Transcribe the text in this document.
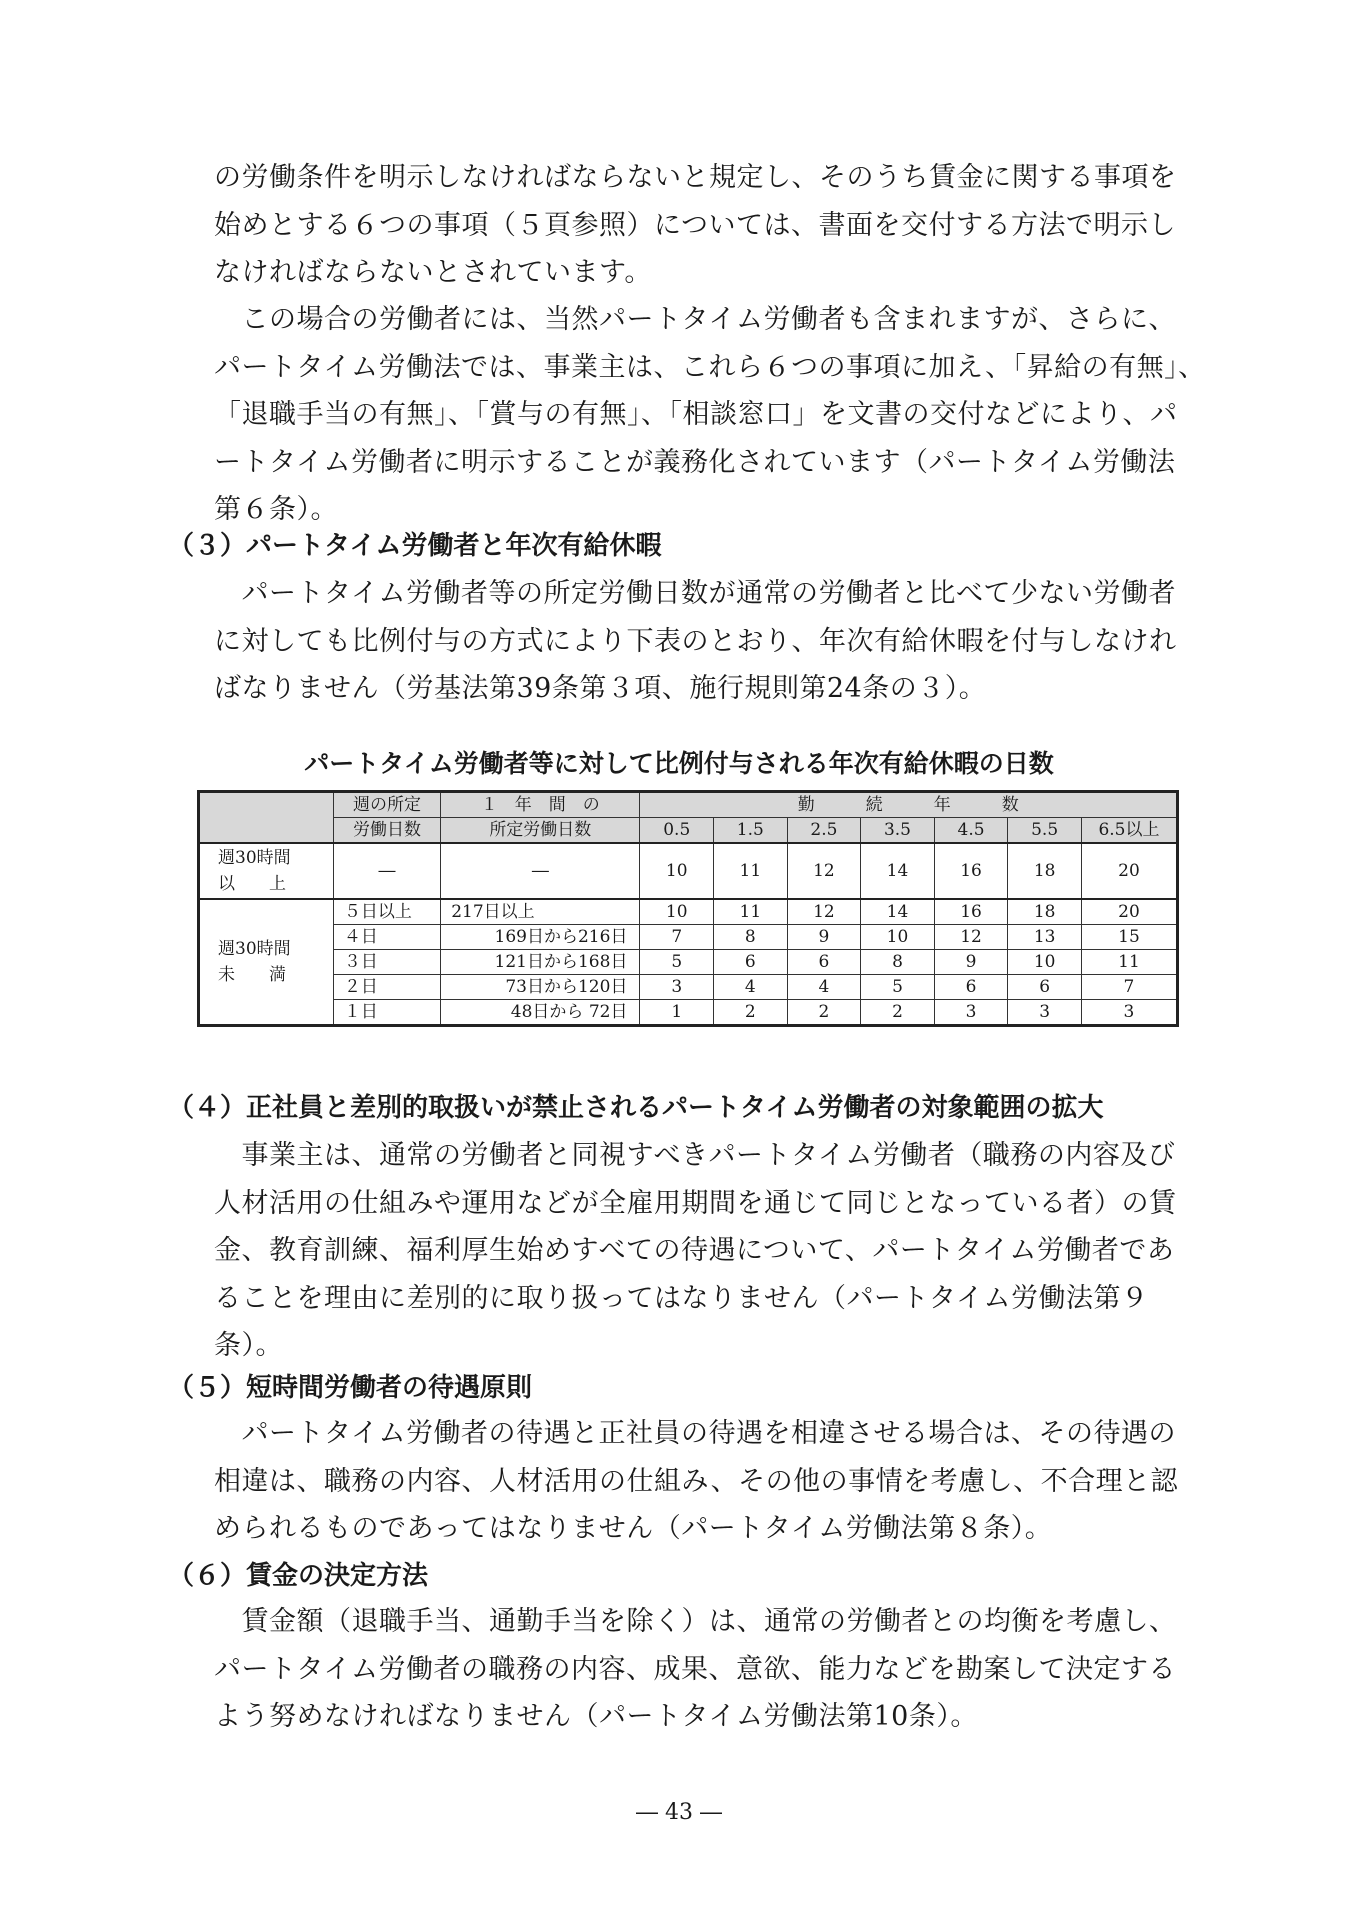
の労働条件を明示しなければならないと規定し、そのうち賃金に関する事項を
始めとする６つの事項（５頁参照）については、書面を交付する方法で明示し
なければならないとされています。

　この場合の労働者には、当然パートタイム労働者も含まれますが、さらに、
パートタイム労働法では、事業主は、これら６つの事項に加え、「昇給の有無」、
「退職手当の有無」、「賞与の有無」、「相談窓口」を文書の交付などにより、パ
ートタイム労働者に明示することが義務化されています（パートタイム労働法
第６条）。

（３）パートタイム労働者と年次有給休暇

　パートタイム労働者等の所定労働日数が通常の労働者と比べて少ない労働者
に対しても比例付与の方式により下表のとおり、年次有給休暇を付与しなけれ
ばなりません（労基法第39条第３項、施行規則第24条の３）。

パートタイム労働者等に対して比例付与される年次有給休暇の日数
	週の所定	１　年　間　の	勤　　　続　　　年　　　数						
	労働日数	所定労働日数	0.5	1.5	2.5	3.5	4.5	5.5	6.5以上

週30時間
以　　上	―	―	10	11	12	14	16	18	20

週30時間
未　　満	５日以上	217日以上	10	11	12	14	16	18	20
	４日	169日から216日	7	8	9	10	12	13	15
	３日	121日から168日	5	6	6	8	9	10	11
	２日	73日から120日	3	4	4	5	6	6	7
	１日	48日から 72日	1	2	2	2	3	3	3
（４）正社員と差別的取扱いが禁止されるパートタイム労働者の対象範囲の拡大

　事業主は、通常の労働者と同視すべきパートタイム労働者（職務の内容及び
人材活用の仕組みや運用などが全雇用期間を通じて同じとなっている者）の賃
金、教育訓練、福利厚生始めすべての待遇について、パートタイム労働者であ
ることを理由に差別的に取り扱ってはなりません（パートタイム労働法第９
条）。

（５）短時間労働者の待遇原則

　パートタイム労働者の待遇と正社員の待遇を相違させる場合は、その待遇の
相違は、職務の内容、人材活用の仕組み、その他の事情を考慮し、不合理と認
められるものであってはなりません（パートタイム労働法第８条）。

（６）賃金の決定方法

　賃金額（退職手当、通勤手当を除く）は、通常の労働者との均衡を考慮し、
パートタイム労働者の職務の内容、成果、意欲、能力などを勘案して決定する
よう努めなければなりません（パートタイム労働法第10条）。

― 43 ―
